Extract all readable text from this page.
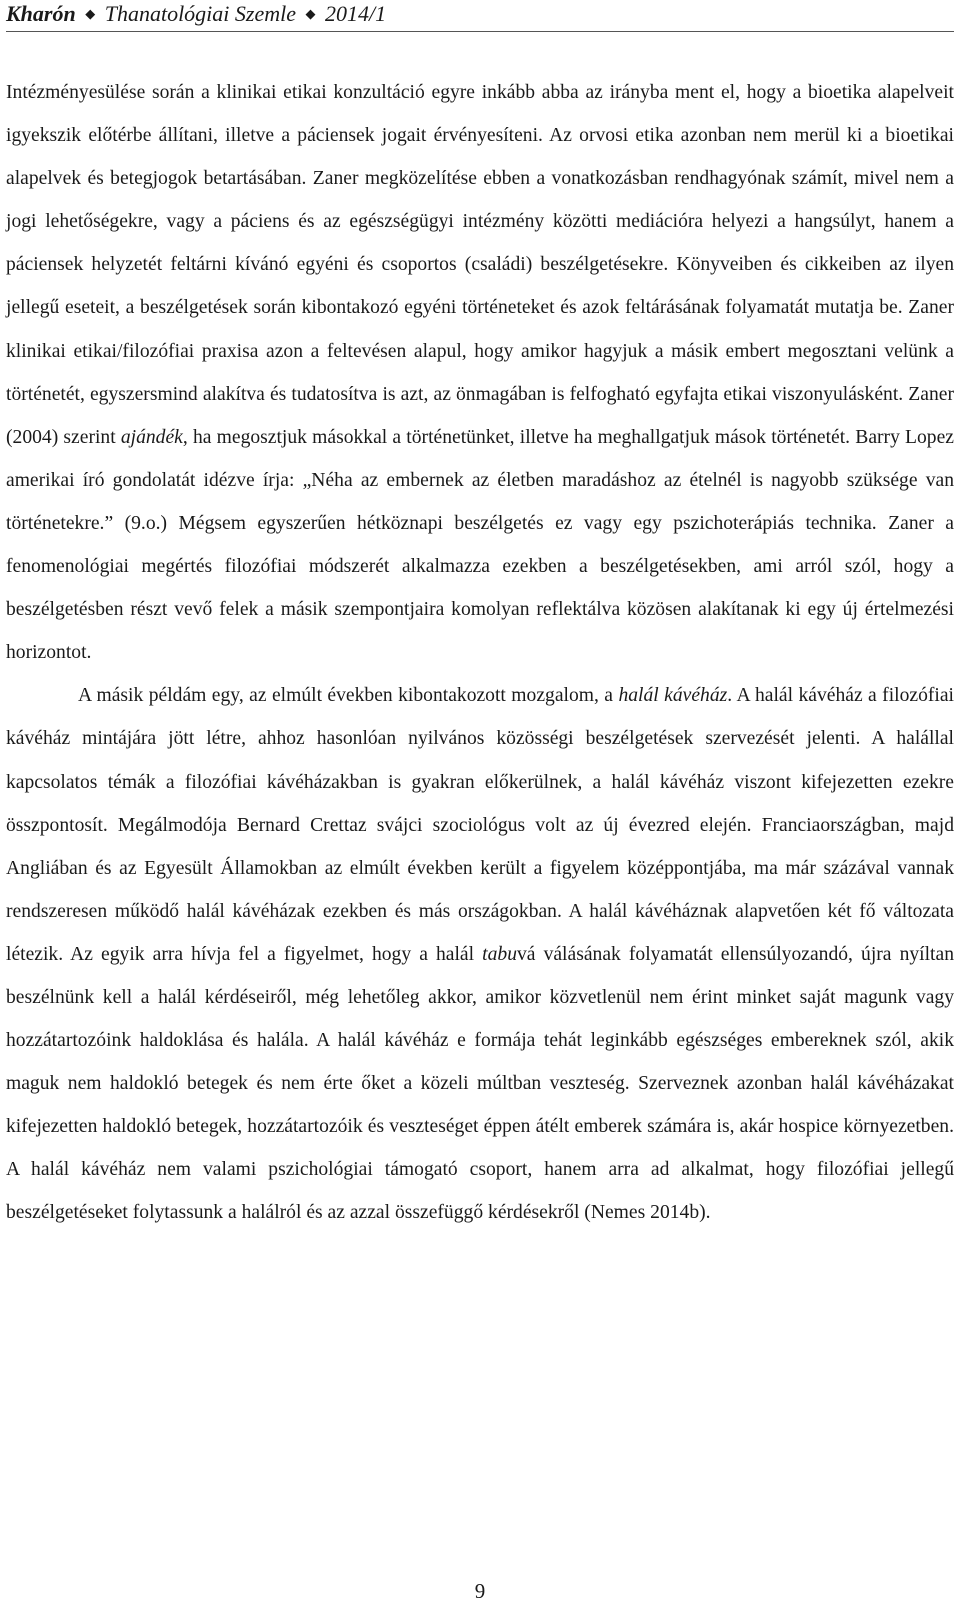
Kharón ◆ Thanatológiai Szemle ◆ 2014/1

Intézményesülése során a klinikai etikai konzultáció egyre inkább abba az irányba ment el, hogy a bioetika alapelveit igyekszik előtérbe állítani, illetve a páciensek jogait érvényesíteni. Az orvosi etika azonban nem merül ki a bioetikai alapelvek és betegjogok betartásában. Zaner megközelítése ebben a vonatkozásban rendhagyónak számít, mivel nem a jogi lehetőségekre, vagy a páciens és az egészségügyi intézmény közötti mediációra helyezi a hangsúlyt, hanem a páciensek helyzetét feltárni kívánó egyéni és csoportos (családi) beszélgetésekre. Könyveiben és cikkeiben az ilyen jellegű eseteit, a beszélgetések során kibontakozó egyéni történeteket és azok feltárásának folyamatát mutatja be. Zaner klinikai etikai/filozófiai praxisa azon a feltevésen alapul, hogy amikor hagyjuk a másik embert megosztani velünk a történetét, egyszersmind alakítva és tudatosítva is azt, az önmagában is felfogható egyfajta etikai viszonyulásként. Zaner (2004) szerint ajándék, ha megosztjuk másokkal a történetünket, illetve ha meghallgatjuk mások történetét. Barry Lopez amerikai író gondolatát idézve írja: „Néha az embernek az életben maradáshoz az ételnél is nagyobb szüksége van történetekre.” (9.o.) Mégsem egyszerűen hétköznapi beszélgetés ez vagy egy pszichoterápiás technika. Zaner a fenomenológiai megértés filozófiai módszerét alkalmazza ezekben a beszélgetésekben, ami arról szól, hogy a beszélgetésben részt vevő felek a másik szempontjaira komolyan reflektálva közösen alakítanak ki egy új értelmezési horizontot.

A másik példám egy, az elmúlt években kibontakozott mozgalom, a halál kávéház. A halál kávéház a filozófiai kávéház mintájára jött létre, ahhoz hasonlóan nyilvános közösségi beszélgetések szervezését jelenti. A halállal kapcsolatos témák a filozófiai kávéházakban is gyakran előkerülnek, a halál kávéház viszont kifejezetten ezekre összpontosít. Megálmodója Bernard Crettaz svájci szociológus volt az új évezred elején. Franciaországban, majd Angliában és az Egyesült Államokban az elmúlt években került a figyelem középpontjába, ma már százával vannak rendszeresen működő halál kávéházak ezekben és más országokban. A halál kávéháznak alapvetően két fő változata létezik. Az egyik arra hívja fel a figyelmet, hogy a halál tabuvá válásának folyamatát ellensúlyozandó, újra nyíltan beszélnünk kell a halál kérdéseiről, még lehetőleg akkor, amikor közvetlenül nem érint minket saját magunk vagy hozzátartozóink haldoklása és halála. A halál kávéház e formája tehát leginkább egészséges embereknek szól, akik maguk nem haldokló betegek és nem érte őket a közeli múltban veszteség. Szerveznek azonban halál kávéházakat kifejezetten haldokló betegek, hozzátartozóik és veszteséget éppen átélt emberek számára is, akár hospice környezetben. A halál kávéház nem valami pszichológiai támogató csoport, hanem arra ad alkalmat, hogy filozófiai jellegű beszélgetéseket folytassunk a halálról és az azzal összefüggő kérdésekről (Nemes 2014b).

9
